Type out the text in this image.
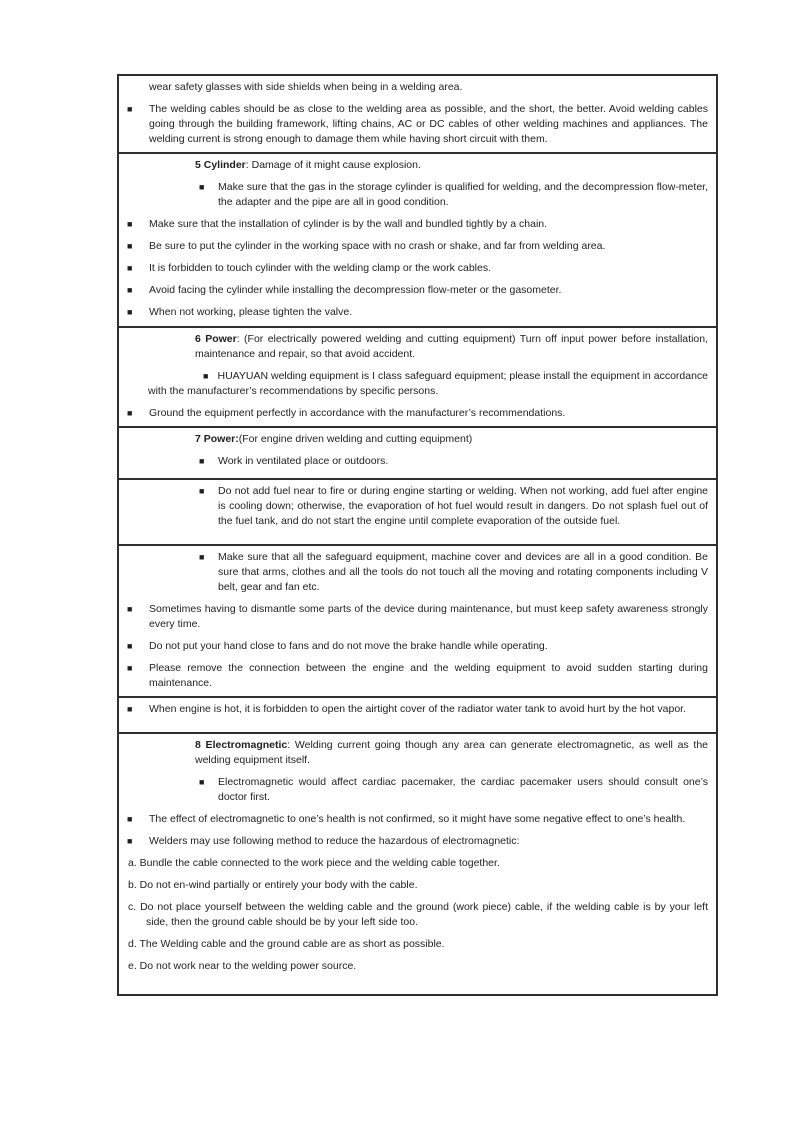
wear safety glasses with side shields when being in a welding area.

■ The welding cables should be as close to the welding area as possible, and the short, the better. Avoid welding cables going through the building framework, lifting chains, AC or DC cables of other welding machines and appliances. The welding current is strong enough to damage them while having short circuit with them.

5 Cylinder: Damage of it might cause explosion.

■ Make sure that the gas in the storage cylinder is qualified for welding, and the decompression flow-meter, the adapter and the pipe are all in good condition.

■ Make sure that the installation of cylinder is by the wall and bundled tightly by a chain.

■ Be sure to put the cylinder in the working space with no crash or shake, and far from welding area.

■ It is forbidden to touch cylinder with the welding clamp or the work cables.

■ Avoid facing the cylinder while installing the decompression flow-meter or the gasometer.

■ When not working, please tighten the valve.

6 Power: (For electrically powered welding and cutting equipment) Turn off input power before installation, maintenance and repair, so that avoid accident.

■ HUAYUAN welding equipment is I class safeguard equipment; please install the equipment in accordance with the manufacturer’s recommendations by specific persons.

■ Ground the equipment perfectly in accordance with the manufacturer’s recommendations.

7 Power:(For engine driven welding and cutting equipment)

■ Work in ventilated place or outdoors.

■ Do not add fuel near to fire or during engine starting or welding. When not working, add fuel after engine is cooling down; otherwise, the evaporation of hot fuel would result in dangers. Do not splash fuel out of the fuel tank, and do not start the engine until complete evaporation of the outside fuel.

■ Make sure that all the safeguard equipment, machine cover and devices are all in a good condition. Be sure that arms, clothes and all the tools do not touch all the moving and rotating components including V belt, gear and fan etc.

■ Sometimes having to dismantle some parts of the device during maintenance, but must keep safety awareness strongly every time.

■ Do not put your hand close to fans and do not move the brake handle while operating.

■ Please remove the connection between the engine and the welding equipment to avoid sudden starting during maintenance.

■ When engine is hot, it is forbidden to open the airtight cover of the radiator water tank to avoid hurt by the hot vapor.

8 Electromagnetic: Welding current going though any area can generate electromagnetic, as well as the welding equipment itself.

■ Electromagnetic would affect cardiac pacemaker, the cardiac pacemaker users should consult one’s doctor first.

■ The effect of electromagnetic to one’s health is not confirmed, so it might have some negative effect to one’s health.

■ Welders may use following method to reduce the hazardous of electromagnetic:

a. Bundle the cable connected to the work piece and the welding cable together.

b. Do not en-wind partially or entirely your body with the cable.

c. Do not place yourself between the welding cable and the ground (work piece) cable, if the welding cable is by your left side, then the ground cable should be by your left side too.

d. The Welding cable and the ground cable are as short as possible.

e. Do not work near to the welding power source.
